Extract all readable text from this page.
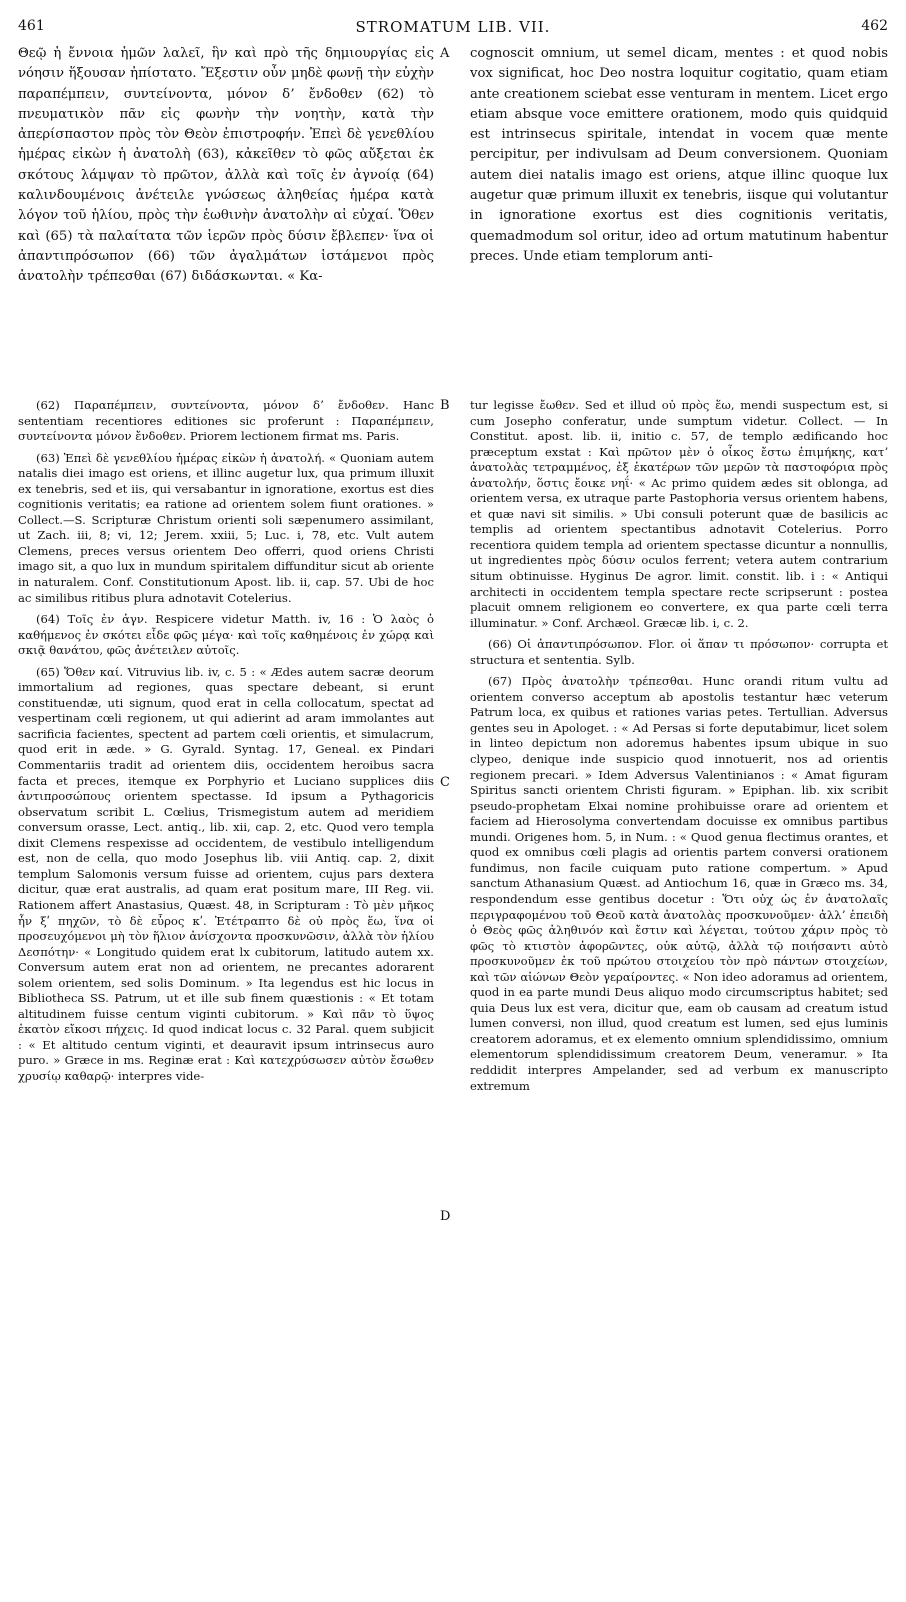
461	STROMATUM LIB. VII.	462
Θεῷ ἡ ἔννοια ἡμῶν λαλεῖ, ἣν καὶ πρὸ τῆς δημιουργίας εἰς νόησιν ἥξουσαν ἠπίστατο. Ἔξεστιν οὖν μηδὲ φωνῇ τὴν εὐχὴν παραπέμπειν, συντείνοντα, μόνον δʼ ἔνδοθεν (62) τὸ πνευματικὸν πᾶν εἰς φωνὴν τὴν νοητὴν, κατὰ τὴν ἀπερίσπαστον πρὸς τὸν Θεὸν ἐπιστροφήν. Ἐπεὶ δὲ γενεθλίου ἡμέρας εἰκὼν ἡ ἀνατολὴ (63), κἀκεῖθεν τὸ φῶς αὔξεται ἐκ σκότους λάμψαν τὸ πρῶτον, ἀλλὰ καὶ τοῖς ἐν ἀγνοίᾳ (64) καλινδουμένοις ἀνέτειλε γνώσεως ἀληθείας ἡμέρα κατὰ λόγον τοῦ ἡλίου, πρὸς τὴν ἑωθινὴν ἀνατολὴν αἱ εὐχαί. Ὅθεν καὶ (65) τὰ παλαίτατα τῶν ἱερῶν πρὸς δύσιν ἔβλεπεν· ἵνα οἱ ἀπαντιπρόσωπον (66) τῶν ἀγαλμάτων ἱστάμενοι πρὸς ἀνατολὴν τρέπεσθαι (67) διδάσκωνται. « Κα-
cognoscit omnium, ut semel dicam, mentes : et quod nobis vox significat, hoc Deo nostra loquitur cogitatio, quam etiam ante creationem sciebat esse venturam in mentem. Licet ergo etiam absque voce emittere orationem, modo quis quidquid est intrinsecus spiritale, intendat in vocem quæ mente percipitur, per indivulsam ad Deum conversionem. Quoniam autem diei natalis imago est oriens, atque illinc quoque lux augetur quæ primum illuxit ex tenebris, iisque qui volutantur in ignoratione exortus est dies cognitionis veritatis, quemadmodum sol oritur, ideo ad ortum matutinum habentur preces. Unde etiam templorum anti-
A
B
C
D

(62) Παραπέμπειν, συντείνοντα, μόνον δʼ ἔνδοθεν. Hanc sententiam recentiores editiones sic proferunt : Παραπέμπειν, συντείνοντα μόνον ἔνδοθεν. Priorem lectionem firmat ms. Paris.

(63) Ἐπεὶ δὲ γενεθλίου ἡμέρας εἰκὼν ἡ ἀνατολή. « Quoniam autem natalis diei imago est oriens, et illinc augetur lux, qua primum illuxit ex tenebris, sed et iis, qui versabantur in ignoratione, exortus est dies cognitionis veritatis; ea ratione ad orientem solem fiunt orationes. » Collect.—S. Scripturæ Christum orienti soli sæpenumero assimilant, ut Zach. iii, 8; vi, 12; Jerem. xxiii, 5; Luc. i, 78, etc. Vult autem Clemens, preces versus orientem Deo offerri, quod oriens Christi imago sit, a quo lux in mundum spiritalem diffunditur sicut ab oriente in naturalem. Conf. Constitutionum Apost. lib. ii, cap. 57. Ubi de hoc ac similibus ritibus plura adnotavit Cotelerius.

(64) Τοῖς ἐν ἀγν. Respicere videtur Matth. iv, 16 : Ὁ λαὸς ὁ καθήμενος ἐν σκότει εἶδε φῶς μέγα· καὶ τοῖς καθημένοις ἐν χώρᾳ καὶ σκιᾷ θανάτου, φῶς ἀνέτειλεν αὐτοῖς.

(65) Ὅθεν καί. Vitruvius lib. iv, c. 5 : « Ædes autem sacræ deorum immortalium ad regiones, quas spectare debeant, si erunt constituendæ, uti signum, quod erat in cella collocatum, spectat ad vespertinam cœli regionem, ut qui adierint ad aram immolantes aut sacrificia facientes, spectent ad partem cœli orientis, et simulacrum, quod erit in æde. » G. Gyrald. Syntag. 17, Geneal. ex Pindari Commentariis tradit ad orientem diis, occidentem heroibus sacra facta et preces, itemque ex Porphyrio et Luciano supplices diis ἀντιπροσώπους orientem spectasse. Id ipsum a Pythagoricis observatum scribit L. Cœlius, Trismegistum autem ad meridiem conversum orasse, Lect. antiq., lib. xii, cap. 2, etc. Quod vero templa dixit Clemens respexisse ad occidentem, de vestibulo intelligendum est, non de cella, quo modo Josephus lib. viii Antiq. cap. 2, dixit templum Salomonis versum fuisse ad orientem, cujus pars dextera dicitur, quæ erat australis, ad quam erat positum mare, III Reg. vii. Rationem affert Anastasius, Quæst. 48, in Scripturam : Τὸ μὲν μῆκος ἦν ξʹ πηχῶν, τὸ δὲ εὖρος κʹ. Ἐτέτραπτο δὲ οὐ πρὸς ἕω, ἵνα οἱ προσευχόμενοι μὴ τὸν ἥλιον ἀνίσχοντα προσκυνῶσιν, ἀλλὰ τὸν ἡλίου Δεσπότην· « Longitudo quidem erat lx cubitorum, latitudo autem xx. Conversum autem erat non ad orientem, ne precantes adorarent solem orientem, sed solis Dominum. » Ita legendus est hic locus in Bibliotheca SS. Patrum, ut et ille sub finem quæstionis : « Et totam altitudinem fuisse centum viginti cubitorum. » Καὶ πᾶν τὸ ὕψος ἑκατὸν εἴκοσι πήχεις. Id quod indicat locus c. 32 Paral. quem subjicit : « Et altitudo centum viginti, et deauravit ipsum intrinsecus auro puro. » Græce in ms. Reginæ erat : Καὶ κατεχρύσωσεν αὐτὸν ἔσωθεν χρυσίῳ καθαρῷ· interpres vide-

tur legisse ἔωθεν. Sed et illud οὐ πρὸς ἕω, mendi suspectum est, si cum Josepho conferatur, unde sumptum videtur. Collect. — In Constitut. apost. lib. ii, initio c. 57, de templo ædificando hoc præceptum exstat : Καὶ πρῶτον μὲν ὁ οἶκος ἔστω ἐπιμήκης, κατʼ ἀνατολὰς τετραμμένος, ἐξ ἑκατέρων τῶν μερῶν τὰ παστοφόρια πρὸς ἀνατολήν, ὅστις ἔοικε νηΐ· « Ac primo quidem ædes sit oblonga, ad orientem versa, ex utraque parte Pastophoria versus orientem habens, et quæ navi sit similis. » Ubi consuli poterunt quæ de basilicis ac templis ad orientem spectantibus adnotavit Cotelerius. Porro recentiora quidem templa ad orientem spectasse dicuntur a nonnullis, ut ingredientes πρὸς δύσιν oculos ferrent; vetera autem contrarium situm obtinuisse. Hyginus De agror. limit. constit. lib. i : « Antiqui architecti in occidentem templa spectare recte scripserunt : postea placuit omnem religionem eo convertere, ex qua parte cœli terra illuminatur. » Conf. Archæol. Græcæ lib. i, c. 2.

(66) Οἱ ἀπαντιπρόσωπον. Flor. οἱ ἅπαν τι πρόσωπον· corrupta et structura et sententia. Sylb.

(67) Πρὸς ἀνατολὴν τρέπεσθαι. Hunc orandi ritum vultu ad orientem converso acceptum ab apostolis testantur hæc veterum Patrum loca, ex quibus et rationes varias petes. Tertullian. Adversus gentes seu in Apologet. : « Ad Persas si forte deputabimur, licet solem in linteo depictum non adoremus habentes ipsum ubique in suo clypeo, denique inde suspicio quod innotuerit, nos ad orientis regionem precari. » Idem Adversus Valentinianos : « Amat figuram Spiritus sancti orientem Christi figuram. » Epiphan. lib. xix scribit pseudo-prophetam Elxai nomine prohibuisse orare ad orientem et faciem ad Hierosolyma convertendam docuisse ex omnibus partibus mundi. Origenes hom. 5, in Num. : « Quod genua flectimus orantes, et quod ex omnibus cœli plagis ad orientis partem conversi orationem fundimus, non facile cuiquam puto ratione compertum. » Apud sanctum Athanasium Quæst. ad Antiochum 16, quæ in Græco ms. 34, respondendum esse gentibus docetur : Ὅτι οὐχ ὡς ἐν ἀνατολαῖς περιγραφομένου τοῦ Θεοῦ κατὰ ἀνατολὰς προσκυνοῦμεν· ἀλλʼ ἐπειδὴ ὁ Θεὸς φῶς ἀληθινόν καὶ ἔστιν καὶ λέγεται, τούτου χάριν πρὸς τὸ φῶς τὸ κτιστὸν ἀφορῶντες, οὐκ αὐτῷ, ἀλλὰ τῷ ποιήσαντι αὐτὸ προσκυνοῦμεν ἐκ τοῦ πρώτου στοιχείου τὸν πρὸ πάντων στοιχείων, καὶ τῶν αἰώνων Θεὸν γεραίροντες. « Non ideo adoramus ad orientem, quod in ea parte mundi Deus aliquo modo circumscriptus habitet; sed quia Deus lux est vera, dicitur que, eam ob causam ad creatum istud lumen conversi, non illud, quod creatum est lumen, sed ejus luminis creatorem adoramus, et ex elemento omnium splendidissimo, omnium elementorum splendidissimum creatorem Deum, veneramur. » Ita reddidit interpres Ampelander, sed ad verbum ex manuscripto extremum
